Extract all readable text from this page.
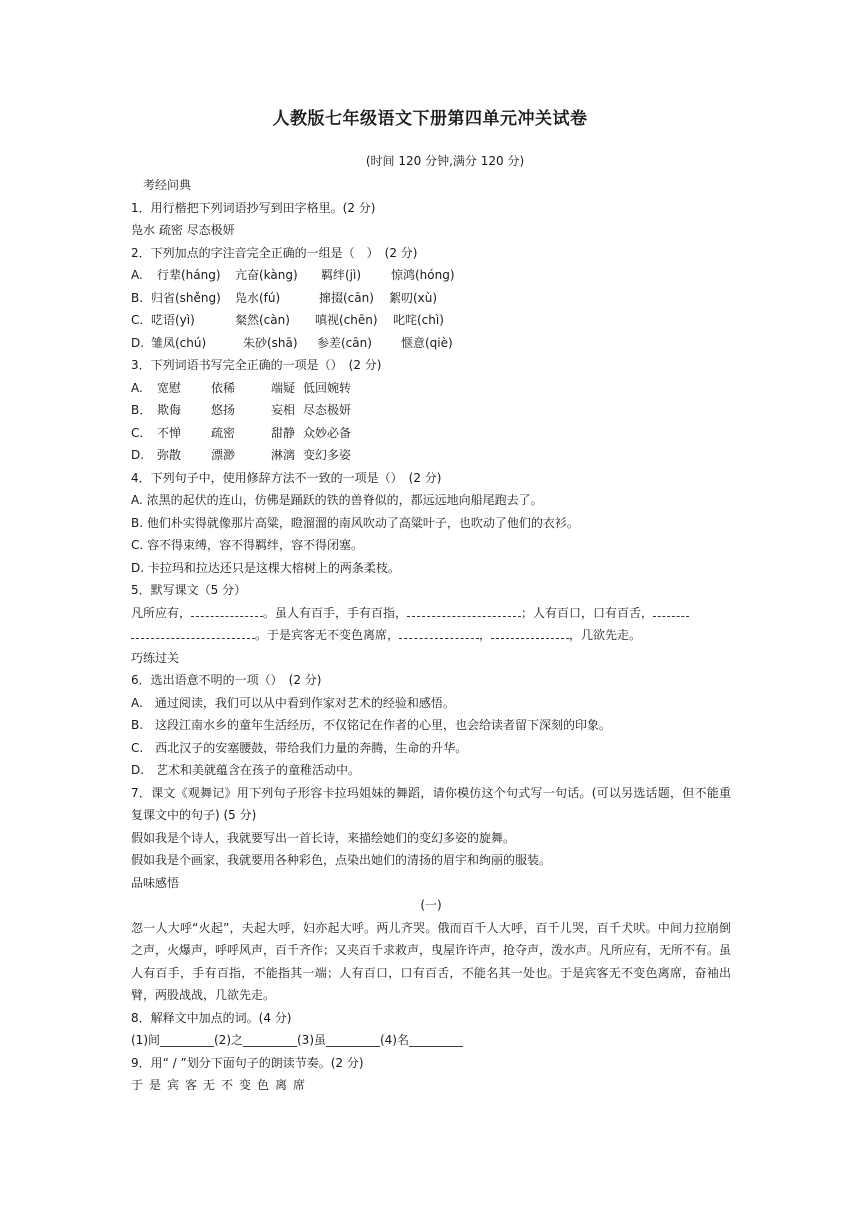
人教版七年级语文下册第四单元冲关试卷
(时间 120 分钟,满分 120 分)
考经问典
1．用行楷把下列词语抄写到田字格里。(2 分)
凫水 疏密 尽态极妍
2．下列加点的字注音完全正确的一组是（　）　(2 分)
A. 行辈(háng) 亢奋(kàng) 羁绊(jì) 惊鸿(hóng)
B. 归省(shěng) 凫水(fú)	撺掇(cān) 絮叨(xù)
C. 呓语(yì)	粲然(càn) 嗔视(chēn) 叱咤(chì)
D. 雏凤(chú)	朱砂(shā) 参差(cān) 惬意(qiè)
3．下列词语书写完全正确的一项是（）　(2 分)
A. 宽慰 依稀	端疑 低回婉转
B． 欺侮 悠扬	妄相 尽态极妍
C. 不惮 疏密	甜静 众妙必备
D. 弥散 漂渺	淋漓 变幻多姿
4．下列句子中，使用修辞方法不一致的一项是（）　(2 分)
A. 浓黑的起伏的连山，仿佛是踊跃的铁的兽脊似的，都远远地向船尾跑去了。
B. 他们朴实得就像那片高粱，瞪溜溜的南风吹动了高粱叶子，也吹动了他们的衣衫。
C. 容不得束缚，容不得羁绊，容不得闭塞。
D. 卡拉玛和拉达还只是这棵大榕树上的两条柔枝。
5．默写课文（5 分）
凡所应有，	。虽人有百手，手有百指，	；人有百口，口有百舌，
。于是宾客无不变色离席，	，	，几欲先走。
巧练过关
6．选出语意不明的一项（）　(2 分)
A.　通过阅读，我们可以从中看到作家对艺术的经验和感悟。
B.　这段江南水乡的童年生活经历，不仅铭记在作者的心里，也会给读者留下深刻的印象。
C.　西北汉子的安塞腰鼓，带给我们力量的奔腾，生命的升华。
D.　艺术和美就蕴含在孩子的童稚活动中。
7．课文《观舞记》用下列句子形容卡拉玛姐妹的舞蹈，请你模仿这个句式写一句话。(可以另选话题，但不能重复课文中的句子) (5 分)
假如我是个诗人，我就要写出一首长诗，来描绘她们的变幻多姿的旋舞。
假如我是个画家，我就要用各种彩色，点染出她们的清扬的眉宇和绚丽的服装。
品味感悟
(一)
忽一人大呼“火起”，夫起大呼，妇亦起大呼。两儿齐哭。俄而百千人大呼，百千儿哭，百千犬吠。中间力拉崩倒之声，火爆声，呼呼风声，百千齐作；又夹百千求救声，曳屋许许声，抢夺声，泼水声。凡所应有，无所不有。虽人有百手，手有百指，不能指其一端；人有百口，口有百舌，不能名其一处也。于是宾客无不变色离席，奋袖出臂，两股战战，几欲先走。
8．解释文中加点的词。(4 分)
(1)间_________(2)之_________(3)虽_________(4)名_________
9．用“ / ”划分下面句子的朗读节奏。(2 分)
于是宾客无不变色离席
